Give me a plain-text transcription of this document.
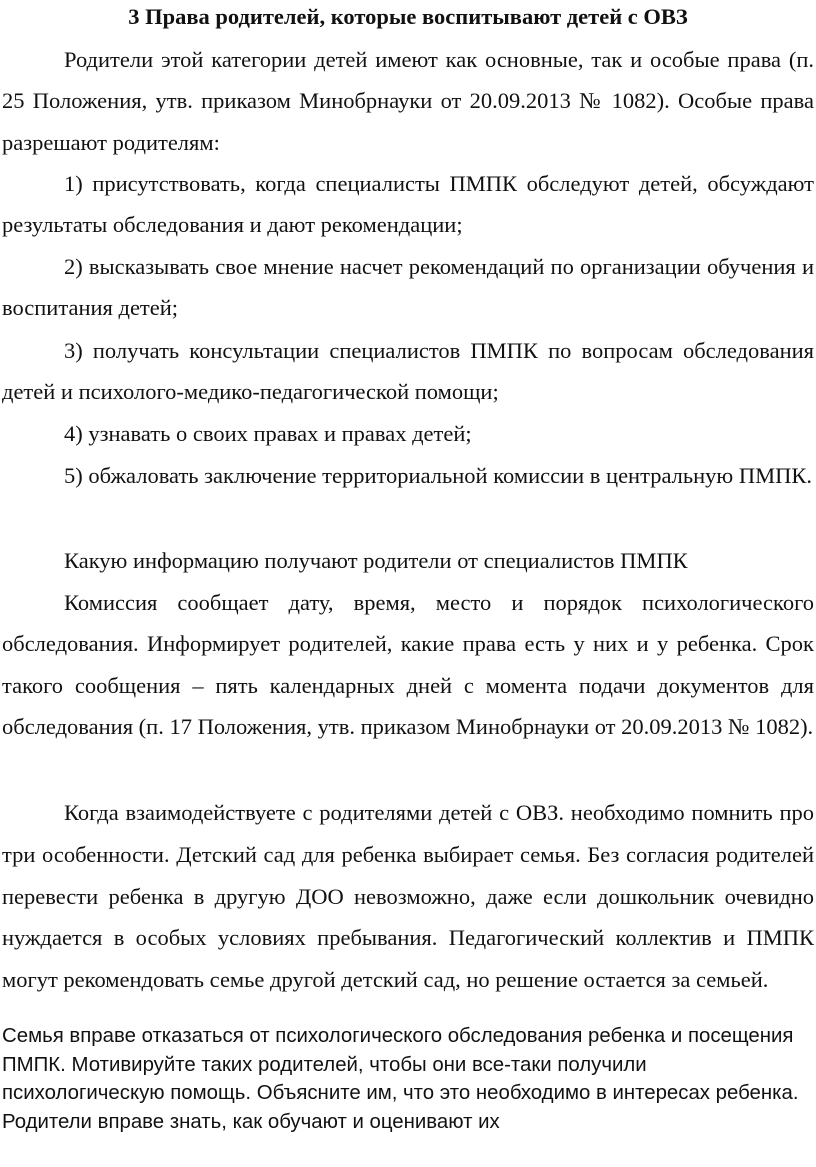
3 Права родителей, которые воспитывают детей с ОВЗ

Родители этой категории детей имеют как основные, так и особые права (п. 25 Положения, утв. приказом Минобрнауки от 20.09.2013 № 1082). Особые права разрешают родителям:

1) присутствовать, когда специалисты ПМПК обследуют детей, обсуждают результаты обследования и дают рекомендации;

2) высказывать свое мнение насчет рекомендаций по организации обучения и воспитания детей;

3) получать консультации специалистов ПМПК по вопросам обследования детей и психолого-медико-педагогической помощи;

4) узнавать о своих правах и правах детей;

5) обжаловать заключение территориальной комиссии в центральную ПМПК.

Какую информацию получают родители от специалистов ПМПК

Комиссия сообщает дату, время, место и порядок психологического обследования. Информирует родителей, какие права есть у них и у ребенка. Срок такого сообщения – пять календарных дней с момента подачи документов для обследования (п. 17 Положения, утв. приказом Минобрнауки от 20.09.2013 № 1082).

Когда взаимодействуете с родителями детей с ОВЗ. необходимо помнить про три особенности. Детский сад для ребенка выбирает семья. Без согласия родителей перевести ребенка в другую ДОО невозможно, даже если дошкольник очевидно нуждается в особых условиях пребывания. Педагогический коллектив и ПМПК могут рекомендовать семье другой детский сад, но решение остается за семьей.

Семья вправе отказаться от психологического обследования ребенка и посещения ПМПК. Мотивируйте таких родителей, чтобы они все-таки получили психологическую помощь. Объясните им, что это необходимо в интересах ребенка. Родители вправе знать, как обучают и оценивают их
